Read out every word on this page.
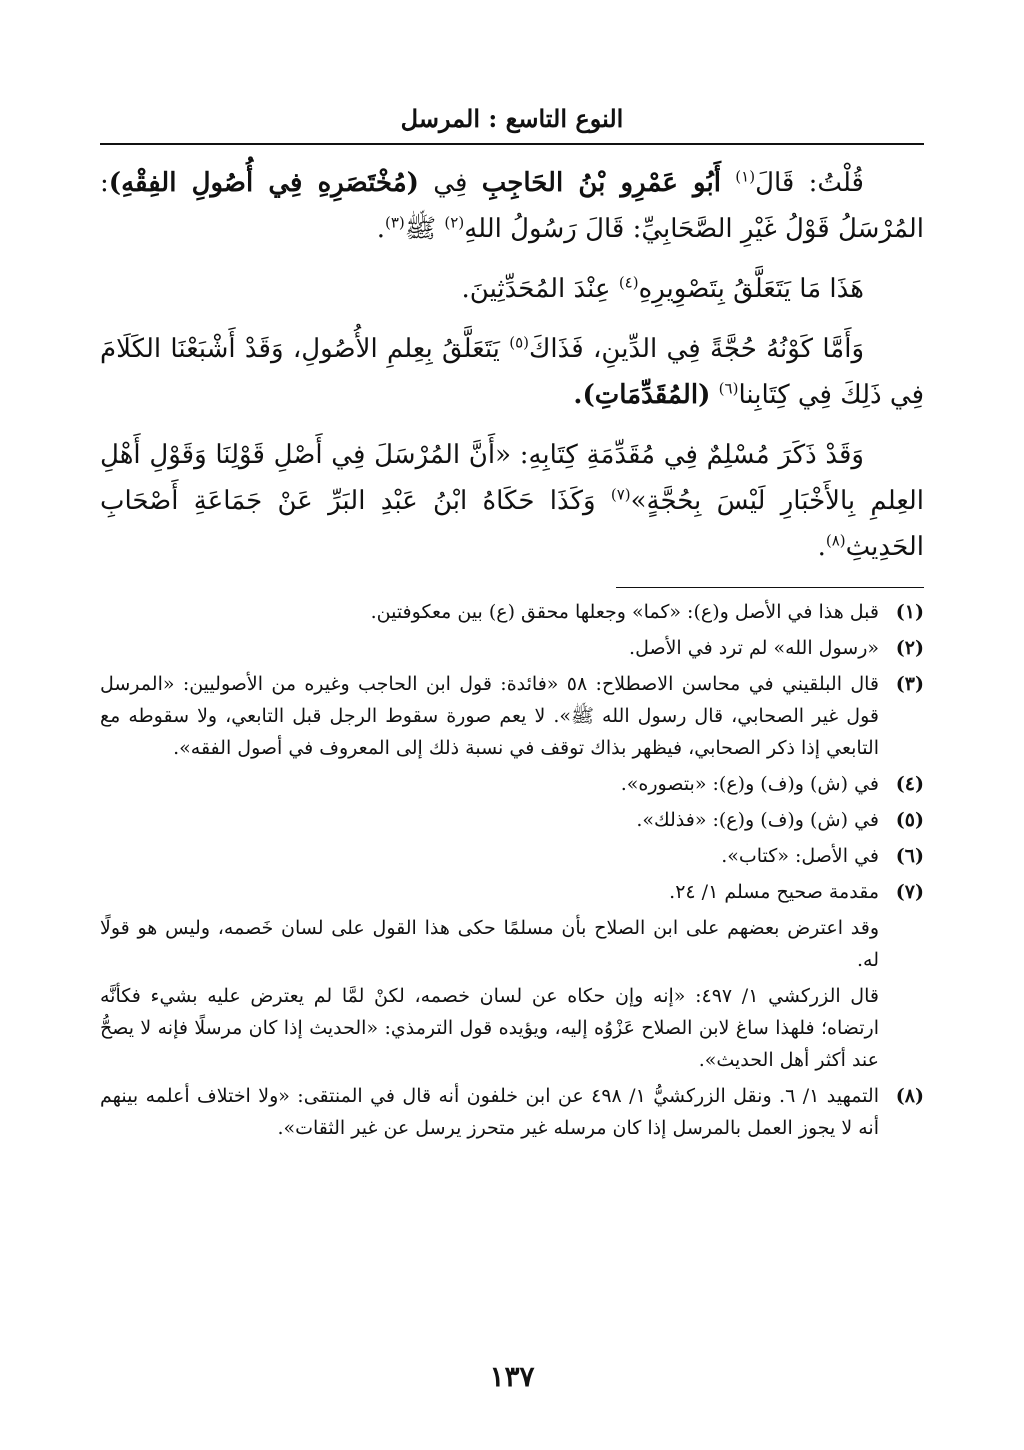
النوع التاسع : المرسل

قُلْتُ: قَالَ$^{(١)}$ أَبُو عَمْرِو بْنُ الحَاجِبِ فِي (مُخْتَصَرِهِ فِي أُصُولِ الفِقْهِ): المُرْسَلُ قَوْلُ غَيْرِ الصَّحَابِيِّ: قَالَ رَسُولُ اللهِ$^{(٢)}$ ﷺ$^{(٣)}$.

هَذَا مَا يَتَعَلَّقُ بِتَصْوِيرِهِ$^{(٤)}$ عِنْدَ المُحَدِّثِينَ.

وَأَمَّا كَوْنُهُ حُجَّةً فِي الدِّينِ، فَذَاكَ$^{(٥)}$ يَتَعَلَّقُ بِعِلمِ الأُصُولِ، وَقَدْ أَشْبَعْنَا الكَلَامَ فِي ذَلِكَ فِي كِتَابِنا$^{(٦)}$ (المُقَدِّمَاتِ).

وَقَدْ ذَكَرَ مُسْلِمٌ فِي مُقَدِّمَةِ كِتَابِهِ: «أَنَّ المُرْسَلَ فِي أَصْلِ قَوْلِنَا وَقَوْلِ أَهْلِ العِلمِ بِالأَخْبَارِ لَيْسَ بِحُجَّةٍ»$^{(٧)}$ وَكَذَا حَكَاهُ ابْنُ عَبْدِ البَرِّ عَنْ جَمَاعَةِ أَصْحَابِ الحَدِيثِ$^{(٨)}$.

(١)
قبل هذا في الأصل و(ع): «كما» وجعلها محقق (ع) بين معكوفتين.
(٢)
«رسول الله» لم ترد في الأصل.
(٣)
قال البلقيني في محاسن الاصطلاح: ٥٨ «فائدة: قول ابن الحاجب وغيره من الأصوليين: «المرسل قول غير الصحابي، قال رسول الله ﷺ». لا يعم صورة سقوط الرجل قبل التابعي، ولا سقوطه مع التابعي إذا ذكر الصحابي، فيظهر بذاك توقف في نسبة ذلك إلى المعروف في أصول الفقه».
(٤)
في (ش) و(ف) و(ع): «بتصوره».
(٥)
في (ش) و(ف) و(ع): «فذلك».
(٦)
في الأصل: «كتاب».
(٧)
مقدمة صحيح مسلم ١/ ٢٤.
وقد اعترض بعضهم على ابن الصلاح بأن مسلمًا حكى هذا القول على لسان خَصمه، وليس هو قولًا له.
قال الزركشي ١/ ٤٩٧: «إنه وإن حكاه عن لسان خصمه، لكنْ لمَّا لم يعترض عليه بشيء فكأنَّه ارتضاه؛ فلهذا ساغ لابن الصلاح عَزْوُه إليه، ويؤيده قول الترمذي: «الحديث إذا كان مرسلًا فإنه لا يصحُّ عند أكثر أهل الحديث».
(٨)
التمهيد ١/ ٦. ونقل الزركشيُّ ١/ ٤٩٨ عن ابن خلفون أنه قال في المنتقى: «ولا اختلاف أعلمه بينهم أنه لا يجوز العمل بالمرسل إذا كان مرسله غير متحرز يرسل عن غير الثقات».
١٣٧
